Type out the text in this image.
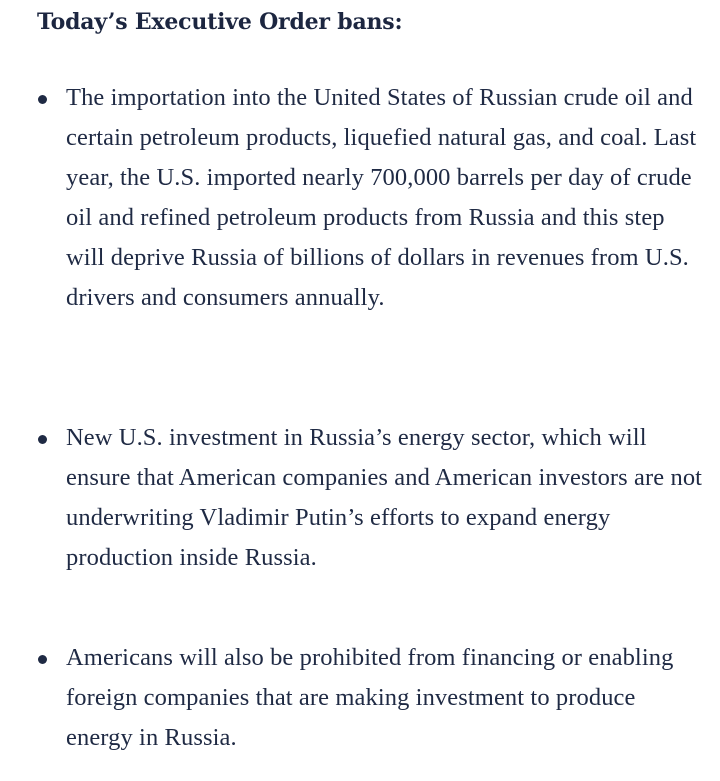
Today’s Executive Order bans:

The importation into the United States of Russian crude oil and certain petroleum products, liquefied natural gas, and coal. Last year, the U.S. imported nearly 700,000 barrels per day of crude oil and refined petroleum products from Russia and this step will deprive Russia of billions of dollars in revenues from U.S. drivers and consumers annually.

New U.S. investment in Russia’s energy sector, which will ensure that American companies and American investors are not underwriting Vladimir Putin’s efforts to expand energy production inside Russia.

Americans will also be prohibited from financing or enabling foreign companies that are making investment to produce energy in Russia.
